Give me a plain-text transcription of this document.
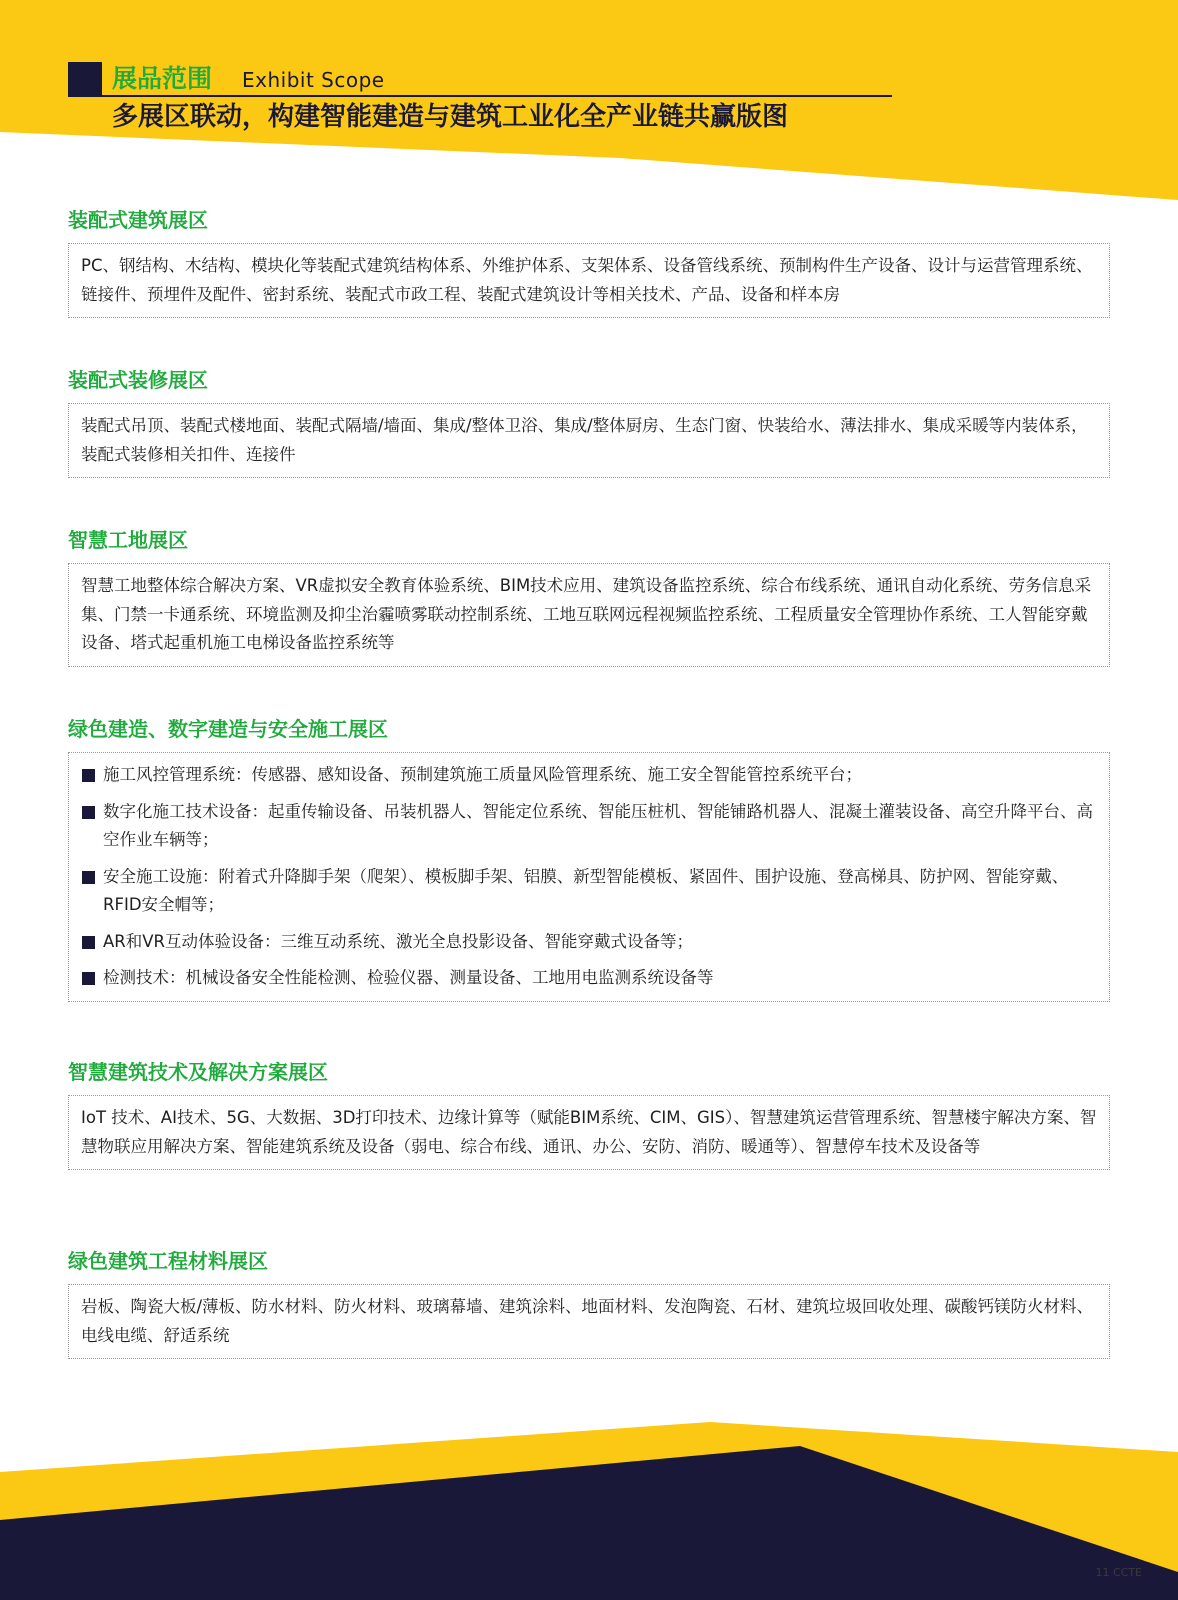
展品范围 Exhibit Scope
多展区联动，构建智能建造与建筑工业化全产业链共赢版图
装配式建筑展区
PC、钢结构、木结构、模块化等装配式建筑结构体系、外维护体系、支架体系、设备管线系统、预制构件生产设备、设计与运营管理系统、链接件、预埋件及配件、密封系统、装配式市政工程、装配式建筑设计等相关技术、产品、设备和样本房
装配式装修展区
装配式吊顶、装配式楼地面、装配式隔墙/墙面、集成/整体卫浴、集成/整体厨房、生态门窗、快装给水、薄法排水、集成采暖等内装体系，装配式装修相关扣件、连接件
智慧工地展区
智慧工地整体综合解决方案、VR虚拟安全教育体验系统、BIM技术应用、建筑设备监控系统、综合布线系统、通讯自动化系统、劳务信息采集、门禁一卡通系统、环境监测及抑尘治霾喷雾联动控制系统、工地互联网远程视频监控系统、工程质量安全管理协作系统、工人智能穿戴设备、塔式起重机施工电梯设备监控系统等
绿色建造、数字建造与安全施工展区
施工风控管理系统：传感器、感知设备、预制建筑施工质量风险管理系统、施工安全智能管控系统平台；
数字化施工技术设备：起重传输设备、吊装机器人、智能定位系统、智能压桩机、智能铺路机器人、混凝土灌装设备、高空升降平台、高空作业车辆等；
安全施工设施：附着式升降脚手架（爬架）、模板脚手架、铝膜、新型智能模板、紧固件、围护设施、登高梯具、防护网、智能穿戴、RFID安全帽等；
AR和VR互动体验设备：三维互动系统、激光全息投影设备、智能穿戴式设备等；
检测技术：机械设备安全性能检测、检验仪器、测量设备、工地用电监测系统设备等
智慧建筑技术及解决方案展区
IoT 技术、AI技术、5G、大数据、3D打印技术、边缘计算等（赋能BIM系统、CIM、GIS）、智慧建筑运营管理系统、智慧楼宇解决方案、智慧物联应用解决方案、智能建筑系统及设备（弱电、综合布线、通讯、办公、安防、消防、暖通等）、智慧停车技术及设备等
绿色建筑工程材料展区
岩板、陶瓷大板/薄板、防水材料、防火材料、玻璃幕墙、建筑涂料、地面材料、发泡陶瓷、石材、建筑垃圾回收处理、碳酸钙镁防火材料、电线电缆、舒适系统
11 CCTE
